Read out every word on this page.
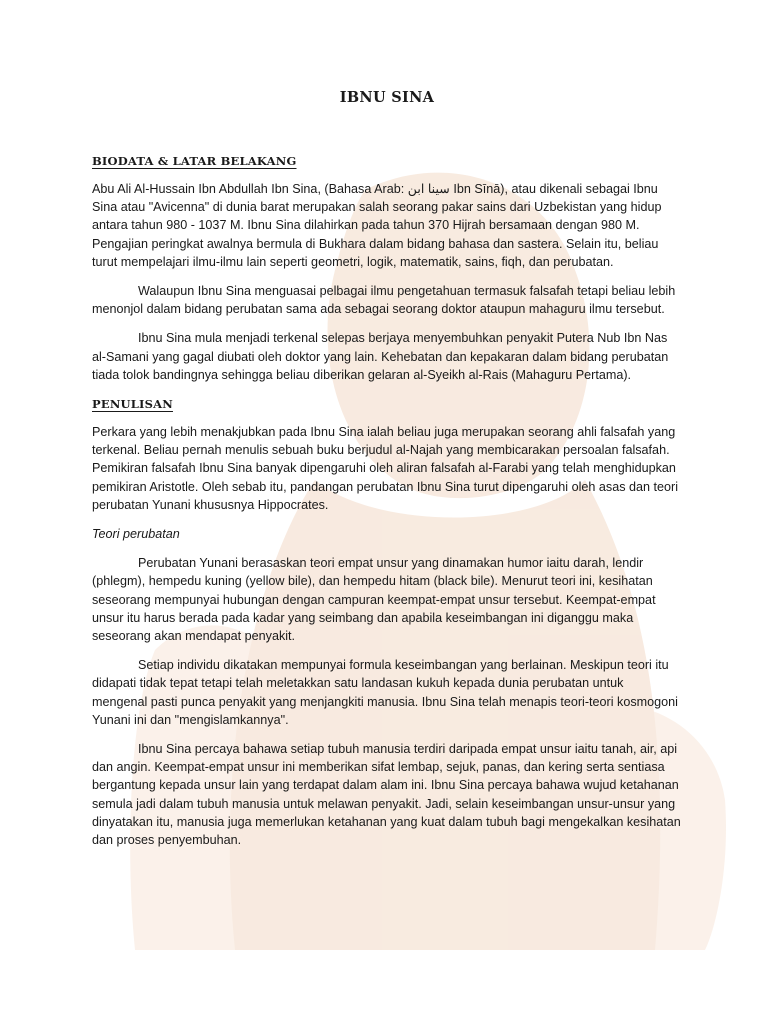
IBNU SINA
BIODATA & LATAR BELAKANG

Abu Ali Al-Hussain Ibn Abdullah Ibn Sina, (Bahasa Arab: سينا ابن Ibn Sīnā), atau dikenali sebagai Ibnu Sina atau "Avicenna" di dunia barat merupakan salah seorang pakar sains dari Uzbekistan yang hidup antara tahun 980 - 1037 M. Ibnu Sina dilahirkan pada tahun 370 Hijrah bersamaan dengan 980 M. Pengajian peringkat awalnya bermula di Bukhara dalam bidang bahasa dan sastera. Selain itu, beliau turut mempelajari ilmu-ilmu lain seperti geometri, logik, matematik, sains, fiqh, dan perubatan.

Walaupun Ibnu Sina menguasai pelbagai ilmu pengetahuan termasuk falsafah tetapi beliau lebih menonjol dalam bidang perubatan sama ada sebagai seorang doktor ataupun mahaguru ilmu tersebut.

Ibnu Sina mula menjadi terkenal selepas berjaya menyembuhkan penyakit Putera Nub Ibn Nas al-Samani yang gagal diubati oleh doktor yang lain. Kehebatan dan kepakaran dalam bidang perubatan tiada tolok bandingnya sehingga beliau diberikan gelaran al-Syeikh al-Rais (Mahaguru Pertama).

PENULISAN

Perkara yang lebih menakjubkan pada Ibnu Sina ialah beliau juga merupakan seorang ahli falsafah yang terkenal. Beliau pernah menulis sebuah buku berjudul al-Najah yang membicarakan persoalan falsafah. Pemikiran falsafah Ibnu Sina banyak dipengaruhi oleh aliran falsafah al-Farabi yang telah menghidupkan pemikiran Aristotle. Oleh sebab itu, pandangan perubatan Ibnu Sina turut dipengaruhi oleh asas dan teori perubatan Yunani khususnya Hippocrates.

Teori perubatan

Perubatan Yunani berasaskan teori empat unsur yang dinamakan humor iaitu darah, lendir (phlegm), hempedu kuning (yellow bile), dan hempedu hitam (black bile). Menurut teori ini, kesihatan seseorang mempunyai hubungan dengan campuran keempat-empat unsur tersebut. Keempat-empat unsur itu harus berada pada kadar yang seimbang dan apabila keseimbangan ini diganggu maka seseorang akan mendapat penyakit.

Setiap individu dikatakan mempunyai formula keseimbangan yang berlainan. Meskipun teori itu didapati tidak tepat tetapi telah meletakkan satu landasan kukuh kepada dunia perubatan untuk mengenal pasti punca penyakit yang menjangkiti manusia. Ibnu Sina telah menapis teori-teori kosmogoni Yunani ini dan "mengislamkannya".

Ibnu Sina percaya bahawa setiap tubuh manusia terdiri daripada empat unsur iaitu tanah, air, api dan angin. Keempat-empat unsur ini memberikan sifat lembap, sejuk, panas, dan kering serta sentiasa bergantung kepada unsur lain yang terdapat dalam alam ini. Ibnu Sina percaya bahawa wujud ketahanan semula jadi dalam tubuh manusia untuk melawan penyakit. Jadi, selain keseimbangan unsur-unsur yang dinyatakan itu, manusia juga memerlukan ketahanan yang kuat dalam tubuh bagi mengekalkan kesihatan dan proses penyembuhan.
